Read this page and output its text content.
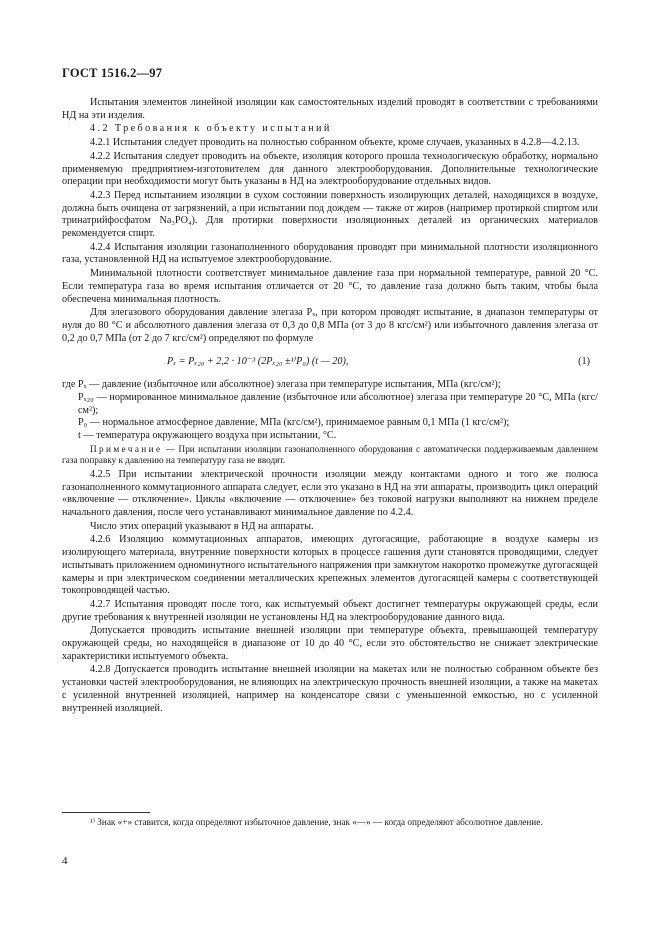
ГОСТ 1516.2—97

Испытания элементов линейной изоляции как самостоятельных изделий проводят в соответствии с требованиями НД на эти изделия.

4.2 Требования к объекту испытаний

4.2.1 Испытания следует проводить на полностью собранном объекте, кроме случаев, указанных в 4.2.8—4.2.13.

4.2.2 Испытания следует проводить на объекте, изоляция которого прошла технологическую обработку, нормально применяемую предприятием-изготовителем для данного электрооборудования. Дополнительные технологические операции при необходимости могут быть указаны в НД на электрооборудование отдельных видов.

4.2.3 Перед испытанием изоляции в сухом состоянии поверхность изолирующих деталей, находящихся в воздухе, должна быть очищена от загрязнений, а при испытании под дождем — также от жиров (например протиркой спиртом или тринатрийфосфатом Na₃PO₄). Для протирки поверхности изоляционных деталей из органических материалов рекомендуется спирт.

4.2.4 Испытания изоляции газонаполненного оборудования проводят при минимальной плотности изоляционного газа, установленной НД на испытуемое электрооборудование.

Минимальной плотности соответствует минимальное давление газа при нормальной температуре, равной 20 °С. Если температура газа во время испытания отличается от 20 °С, то давление газа должно быть таким, чтобы была обеспечена минимальная плотность.

Для элегазового оборудования давление элегаза Pₓ, при котором проводят испытание, в диапазон температуры от нуля до 80 °С и абсолютного давления элегаза от 0,3 до 0,8 МПа (от 3 до 8 кгс/см²) или избыточного давления элегаза от 0,2 до 0,7 МПа (от 2 до 7 кгс/см²) определяют по формуле

Pₓ = Pₓ₂₀ + 2,2 · 10⁻³ (2Pₓ₂₀ ±¹⁾P₀) (t — 20),	(1)

где Pₓ — давление (избыточное или абсолютное) элегаза при температуре испытания, МПа (кгс/см²);

Pₓ₂₀ — нормированное минимальное давление (избыточное или абсолютное) элегаза при температуре 20 °С, МПа (кгс/см²);

P₀ — нормальное атмосферное давление, МПа (кгс/см²), принимаемое равным 0,1 МПа (1 кгс/см²);

t — температура окружающего воздуха при испытании, °С.

Примечание — При испытании изоляции газонаполненного оборудования с автоматически поддерживаемым давлением газа поправку к давлению на температуру газа не вводят.

4.2.5 При испытании электрической прочности изоляции между контактами одного и того же полюса газонаполненного коммутационного аппарата следует, если это указано в НД на эти аппараты, производить цикл операций «включение — отключение». Циклы «включение — отключение» без токовой нагрузки выполняют на нижнем пределе начального давления, после чего устанавливают минимальное давление по 4.2.4.

Число этих операций указывают в НД на аппараты.

4.2.6 Изоляцию коммутационных аппаратов, имеющих дугогасящие, работающие в воздухе камеры из изолирующего материала, внутренние поверхности которых в процессе гашения дуги становятся проводящими, следует испытывать приложением одноминутного испытательного напряжения при замкнутом накоротко промежутке дугогасящей камеры и при электрическом соединении металлических крепежных элементов дугогасящей камеры с соответствующей токопроводящей частью.

4.2.7 Испытания проводят после того, как испытуемый объект достигнет температуры окружающей среды, если другие требования к внутренней изоляции не установлены НД на электрооборудование данного вида.

Допускается проводить испытание внешней изоляции при температуре объекта, превышающей температуру окружающей среды, но находящейся в диапазоне от 10 до 40 °С, если это обстоятельство не снижает электрические характеристики испытуемого объекта.

4.2.8 Допускается проводить испытание внешней изоляции на макетах или не полностью собранном объекте без установки частей электрооборудования, не влияющих на электрическую прочность внешней изоляции, а также на макетах с усиленной внутренней изоляцией, например на конденсаторе связи с уменьшенной емкостью, но с усиленной внутренней изоляцией.

¹⁾ Знак «+» ставится, когда определяют избыточное давление, знак «—» — когда определяют абсолютное давление.
4
